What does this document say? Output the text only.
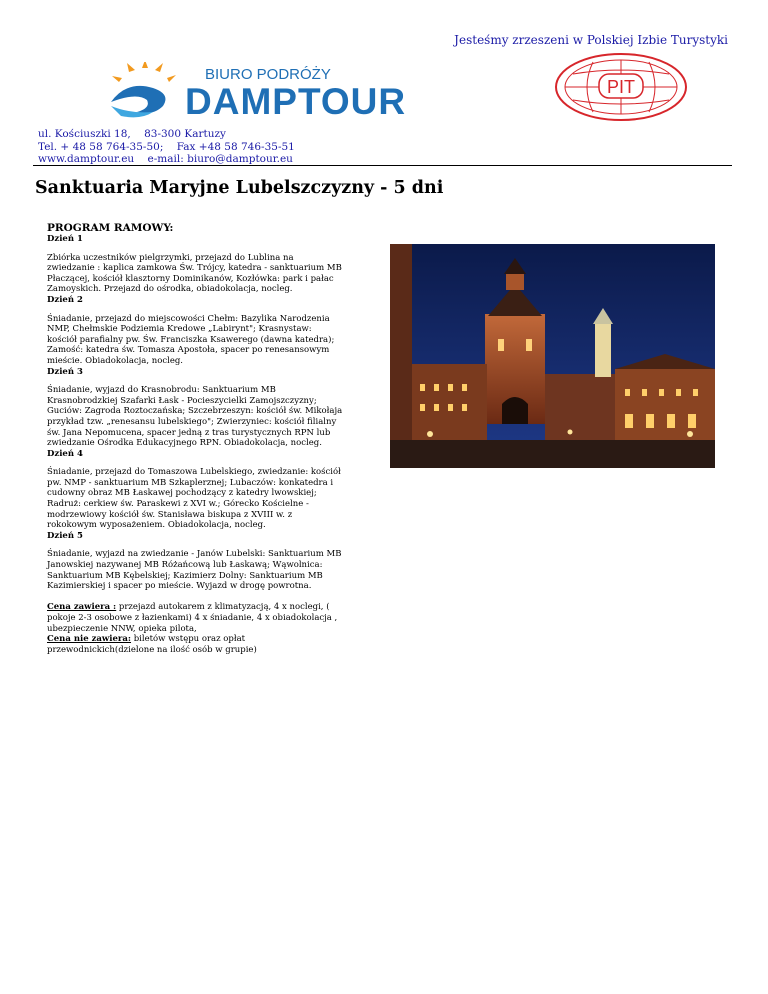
Jesteśmy zrzeszeni w Polskiej Izbie Turystyki
BIURO PODRÓŻY
DAMPTOUR	PIT
ul. Kościuszki 18,    83-300 Kartuzy
Tel. + 48 58 764-35-50;    Fax +48 58 746-35-51
www.damptour.eu    e-mail: biuro@damptour.eu
Sanktuaria Maryjne Lubelszczyzny - 5 dni
PROGRAM RAMOWY:
Dzień 1
Zbiórka uczestników pielgrzymki, przejazd do Lublina na zwiedzanie : kaplica zamkowa Św. Trójcy, katedra - sanktuarium MB Płaczącej, kościół klasztorny Dominikanów, Kozłówka: park i pałac Zamoyskich. Przejazd do ośrodka, obiadokolacja, nocleg.
Dzień 2
Śniadanie, przejazd do miejscowości Chełm: Bazylika Narodzenia NMP, Chełmskie Podziemia Kredowe „Labirynt"; Krasnystaw: kościół parafialny pw. Św. Franciszka Ksawerego (dawna katedra); Zamość: katedra św. Tomasza Apostoła, spacer po renesansowym mieście. Obiadokolacja, nocleg.
Dzień 3
Śniadanie, wyjazd do Krasnobrodu: Sanktuarium MB Krasnobrodzkiej Szafarki Łask - Pocieszycielki Zamojszczyzny; Guciów: Zagroda Roztoczańska; Szczebrzeszyn: kościół św. Mikołaja przykład tzw. „renesansu lubelskiego"; Zwierzyniec: kościół filialny św. Jana Nepomucena, spacer jedną z tras turystycznych RPN lub zwiedzanie Ośrodka Edukacyjnego RPN. Obiadokolacja, nocleg.
Dzień 4
Śniadanie, przejazd do Tomaszowa Lubelskiego, zwiedzanie: kościół pw. NMP - sanktuarium MB Szkaplerznej; Lubaczów: konkatedra i cudowny obraz MB Łaskawej pochodzący z katedry lwowskiej; Radruż: cerkiew św. Paraskewi z XVI w.; Górecko Kościelne - modrzewiowy kościół św. Stanisława biskupa z XVIII w. z rokokowym wyposażeniem. Obiadokolacja, nocleg.
Dzień 5
Śniadanie, wyjazd na zwiedzanie - Janów Lubelski: Sanktuarium MB Janowskiej nazywanej MB Różańcową lub Łaskawą; Wąwolnica: Sanktuarium MB Kębelskiej; Kazimierz Dolny: Sanktuarium MB Kazimierskiej i spacer po mieście. Wyjazd w drogę powrotna.
Cena zawiera : przejazd autokarem z klimatyzacją, 4 x noclegi, ( pokoje 2-3 osobowe z łazienkami) 4 x śniadanie, 4 x obiadokolacja , ubezpieczenie NNW, opieka pilota,
Cena nie zawiera: biletów wstępu oraz opłat przewodnickich(dzielone na ilość osób w grupie)
